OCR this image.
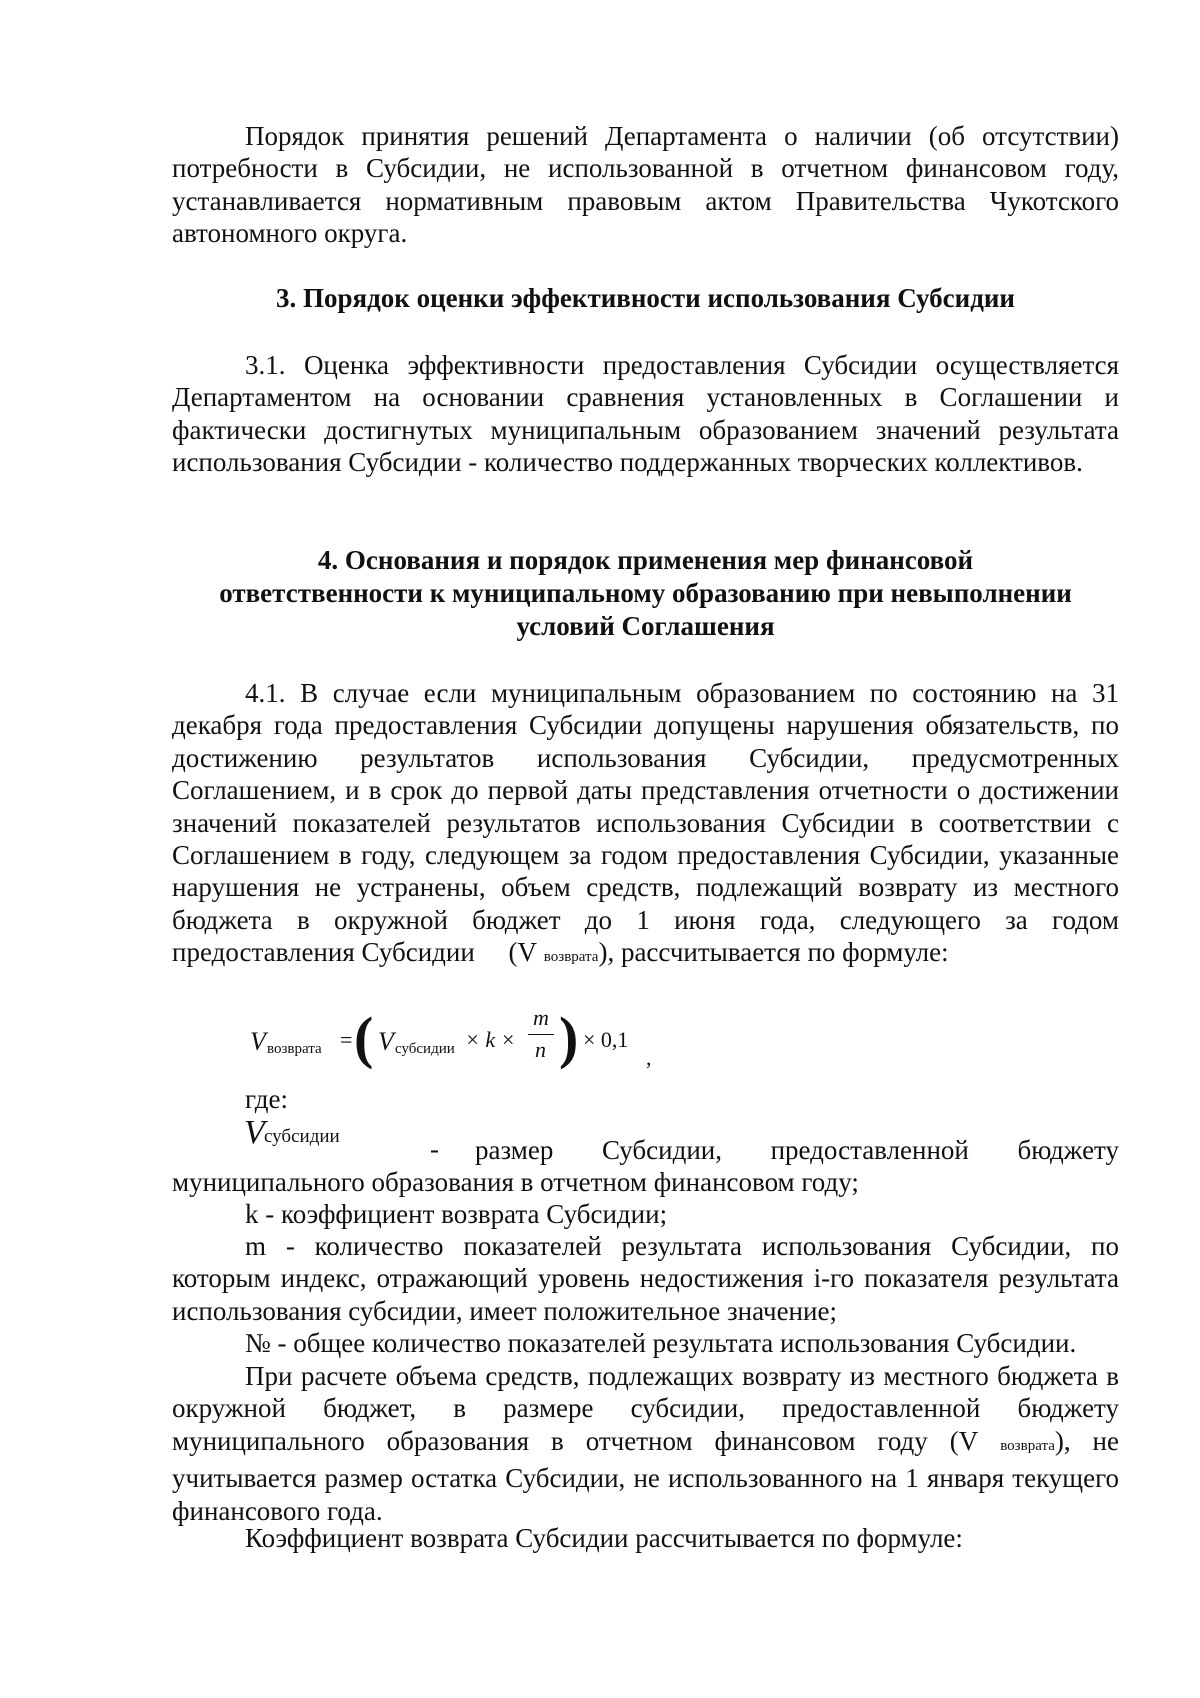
Порядок принятия решений Департамента о наличии (об отсутствии) потребности в Субсидии, не использованной в отчетном финансовом году, устанавливается нормативным правовым актом Правительства Чукотского автономного округа.

3. Порядок оценки эффективности использования Субсидии

3.1. Оценка эффективности предоставления Субсидии осуществляется Департаментом на основании сравнения установленных в Соглашении и фактически достигнутых муниципальным образованием значений результата использования Субсидии - количество поддержанных творческих коллективов.

4. Основания и порядок применения мер финансовой

ответственности к муниципальному образованию при невыполнении

условий Соглашения

4.1. В случае если муниципальным образованием по состоянию на 31 декабря года предоставления Субсидии допущены нарушения обязательств, по достижению результатов использования Субсидии, предусмотренных Соглашением, и в срок до первой даты представления отчетности о достижении значений показателей результатов использования Субсидии в соответствии с Соглашением в году, следующем за годом предоставления Субсидии, указанные нарушения не устранены, объем средств, подлежащий возврату из местного бюджета в окружной бюджет до 1 июня года, следующего за годом предоставления Субсидии (V возврата), рассчитывается по формуле:

V возврата = ( V субсидии × k ×
m
n ) × 0,1
,

где:

V субсидии	-	размер Субсидии, предоставленной бюджету муниципального образования в отчетном финансовом году;

k - коэффициент возврата Субсидии;

m - количество показателей результата использования Субсидии, по которым индекс, отражающий уровень недостижения i-го показателя результата использования субсидии, имеет положительное значение;

№ - общее количество показателей результата использования Субсидии.

При расчете объема средств, подлежащих возврату из местного бюджета в окружной бюджет, в размере субсидии, предоставленной бюджету муниципального образования в отчетном финансовом году (V возврата), не учитывается размер остатка Субсидии, не использованного на 1 января текущего финансового года.

Коэффициент возврата Субсидии рассчитывается по формуле:
